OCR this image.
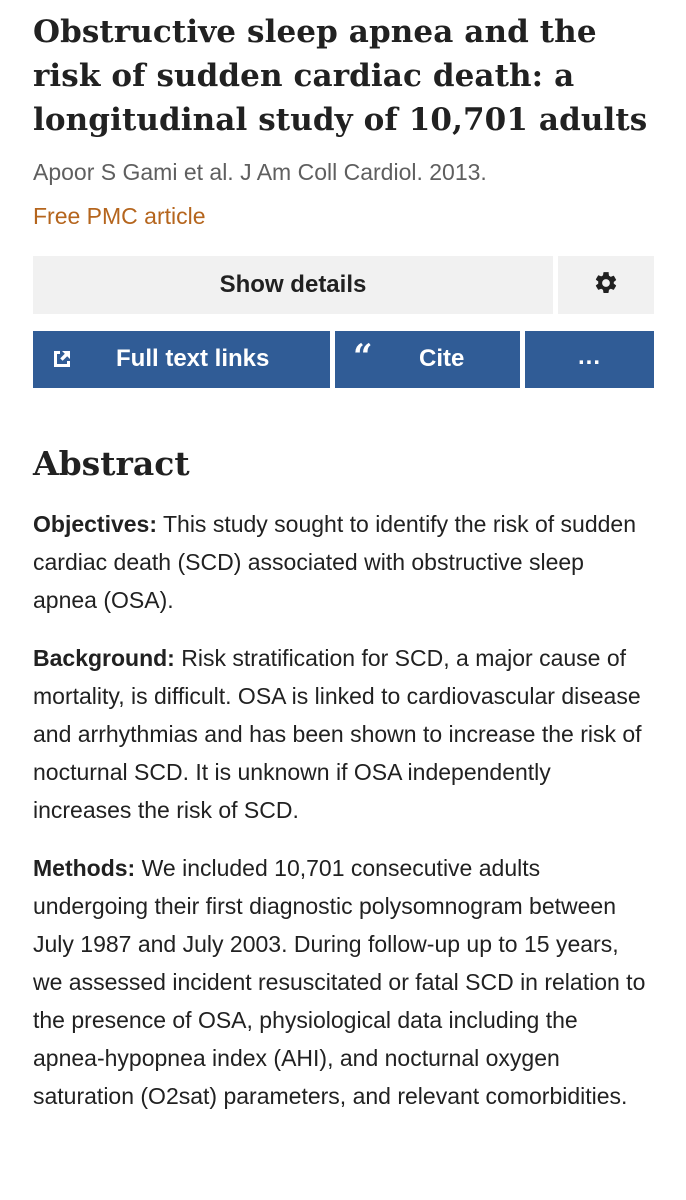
Obstructive sleep apnea and the risk of sudden cardiac death: a longitudinal study of 10,701 adults
Apoor S Gami et al. J Am Coll Cardiol. 2013.
Free PMC article
Show details
Full text links “ Cite	...
Abstract

Objectives: This study sought to identify the risk of sudden cardiac death (SCD) associated with obstructive sleep apnea (OSA).

Background: Risk stratification for SCD, a major cause of mortality, is difficult. OSA is linked to cardiovascular disease and arrhythmias and has been shown to increase the risk of nocturnal SCD. It is unknown if OSA independently increases the risk of SCD.

Methods: We included 10,701 consecutive adults undergoing their first diagnostic polysomnogram between July 1987 and July 2003. During follow-up up to 15 years, we assessed incident resuscitated or fatal SCD in relation to the presence of OSA, physiological data including the apnea-hypopnea index (AHI), and nocturnal oxygen saturation (O2sat) parameters, and relevant comorbidities.
